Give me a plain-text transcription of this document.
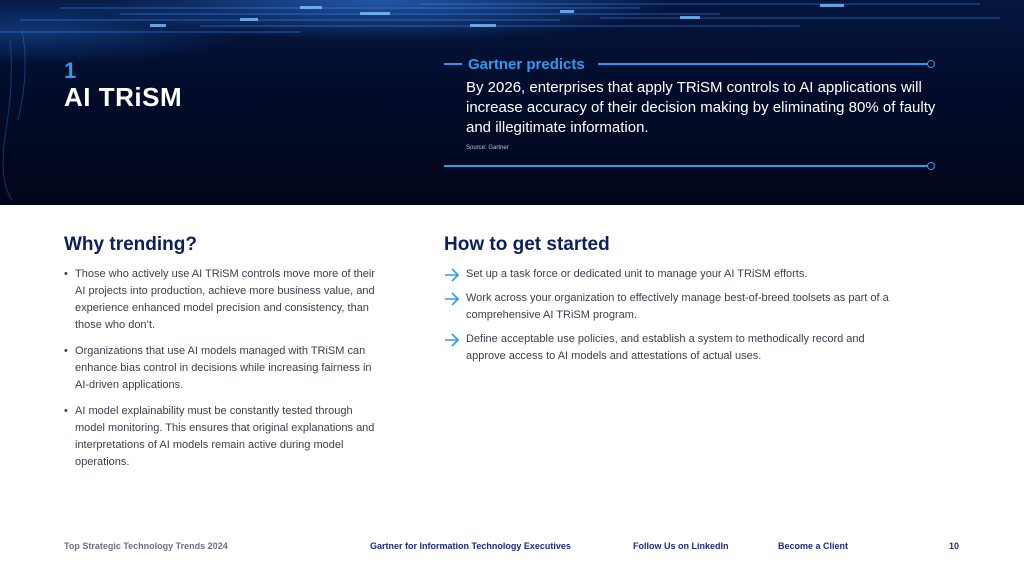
1
AI TRiSM
Gartner predicts
By 2026, enterprises that apply TRiSM controls to AI applications will increase accuracy of their decision making by eliminating 80% of faulty and illegitimate information.
Source: Gartner
Why trending?
• Those who actively use AI TRiSM controls move more of their AI projects into production, achieve more business value, and experience enhanced model precision and consistency, than those who don’t.
• Organizations that use AI models managed with TRiSM can enhance bias control in decisions while increasing fairness in AI-driven applications.
• AI model explainability must be constantly tested through model monitoring. This ensures that original explanations and interpretations of AI models remain active during model operations.
How to get started
Set up a task force or dedicated unit to manage your AI TRiSM efforts.
Work across your organization to effectively manage best-of-breed toolsets as part of a comprehensive AI TRiSM program.
Define acceptable use policies, and establish a system to methodically record and approve access to AI models and attestations of actual uses.
Top Strategic Technology Trends 2024	Gartner for Information Technology Executives	Follow Us on LinkedIn	Become a Client	10
